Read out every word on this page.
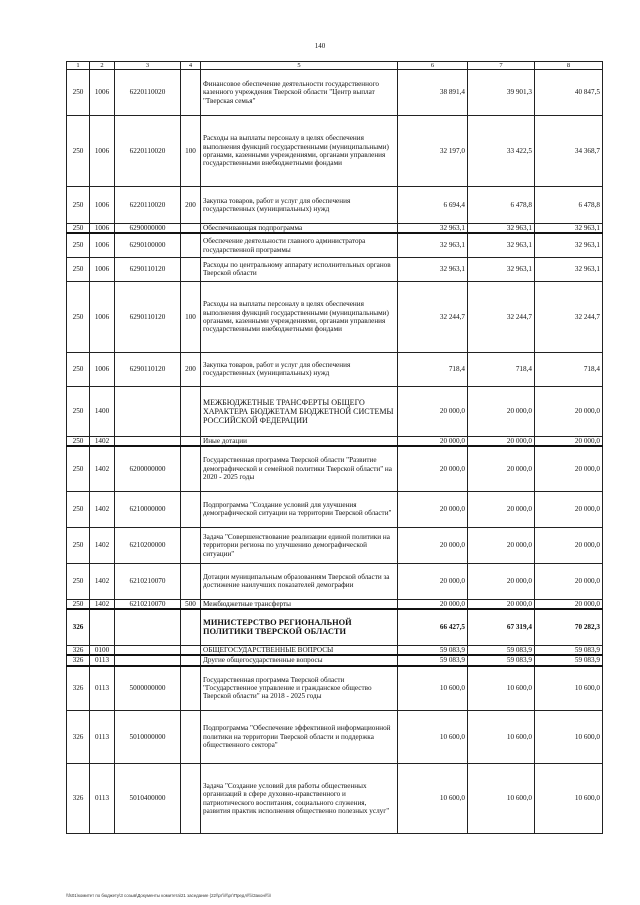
140
1	2	3	4	5	6	7	8
250	1006	6220110020		Финансовое обеспечение деятельности государственного казенного учреждения Тверской области "Центр выплат "Тверская семья"	38 891,4	39 901,3	40 847,5
250	1006	6220110020	100	Расходы на выплаты персоналу в целях обеспечения выполнения функций государственными (муниципальными) органами, казенными учреждениями, органами управления государственными внебюджетными фондами	32 197,0	33 422,5	34 368,7
250	1006	6220110020	200	Закупка товаров, работ и услуг для обеспечения государственных (муниципальных) нужд	6 694,4	6 478,8	6 478,8
250	1006	6290000000		Обеспечивающая подпрограмма	32 963,1	32 963,1	32 963,1
250	1006	6290100000		Обеспечение деятельности главного администратора государственной программы	32 963,1	32 963,1	32 963,1
250	1006	6290110120		Расходы по центральному аппарату исполнительных органов Тверской области	32 963,1	32 963,1	32 963,1
250	1006	6290110120	100	Расходы на выплаты персоналу в целях обеспечения выполнения функций государственными (муниципальными) органами, казенными учреждениями, органами управления государственными внебюджетными фондами	32 244,7	32 244,7	32 244,7
250	1006	6290110120	200	Закупка товаров, работ и услуг для обеспечения государственных (муниципальных) нужд	718,4	718,4	718,4
250	1400			МЕЖБЮДЖЕТНЫЕ ТРАНСФЕРТЫ ОБЩЕГО ХАРАКТЕРА БЮДЖЕТАМ БЮДЖЕТНОЙ СИСТЕМЫ РОССИЙСКОЙ ФЕДЕРАЦИИ	20 000,0	20 000,0	20 000,0
250	1402			Иные дотации	20 000,0	20 000,0	20 000,0
250	1402	6200000000		Государственная программа Тверской области "Развитие демографической и семейной политики Тверской области" на 2020 - 2025 годы	20 000,0	20 000,0	20 000,0
250	1402	6210000000		Подпрограмма "Создание условий для улучшения демографической ситуации на территории Тверской области"	20 000,0	20 000,0	20 000,0
250	1402	6210200000		Задача "Совершенствование реализации единой политики на территории региона по улучшению демографической ситуации"	20 000,0	20 000,0	20 000,0
250	1402	6210210070		Дотации муниципальным образованиям Тверской области за достижение наилучших показателей демографии	20 000,0	20 000,0	20 000,0
250	1402	6210210070	500	Межбюджетные трансферты	20 000,0	20 000,0	20 000,0
326				МИНИСТЕРСТВО РЕГИОНАЛЬНОЙ ПОЛИТИКИ ТВЕРСКОЙ ОБЛАСТИ	66 427,5	67 319,4	70 282,3
326	0100			ОБЩЕГОСУДАРСТВЕННЫЕ ВОПРОСЫ	59 083,9	59 083,9	59 083,9
326	0113			Другие общегосударственные вопросы	59 083,9	59 083,9	59 083,9
326	0113	5000000000		Государственная программа Тверской области "Государственное управление и гражданское общество Тверской области" на 2018 - 2025 годы	10 600,0	10 600,0	10 600,0
326	0113	5010000000		Подпрограмма "Обеспечение эффективной информационной политики на территории Тверской области и поддержка общественного сектора"	10 600,0	10 600,0	10 600,0
326	0113	5010400000		Задача "Создание условий для работы общественных организаций в сфере духовно-нравственного и патриотического воспитания, социального служения, развития практик исполнения общественно полезных услуг"	10 600,0	10 600,0	10 600,0
\\fs01\комитет по бюджету\3 созыв\Документы комитета\21 заседание (22\\рг\\\\\рг\Предл\\\\\Закон\\\\\
